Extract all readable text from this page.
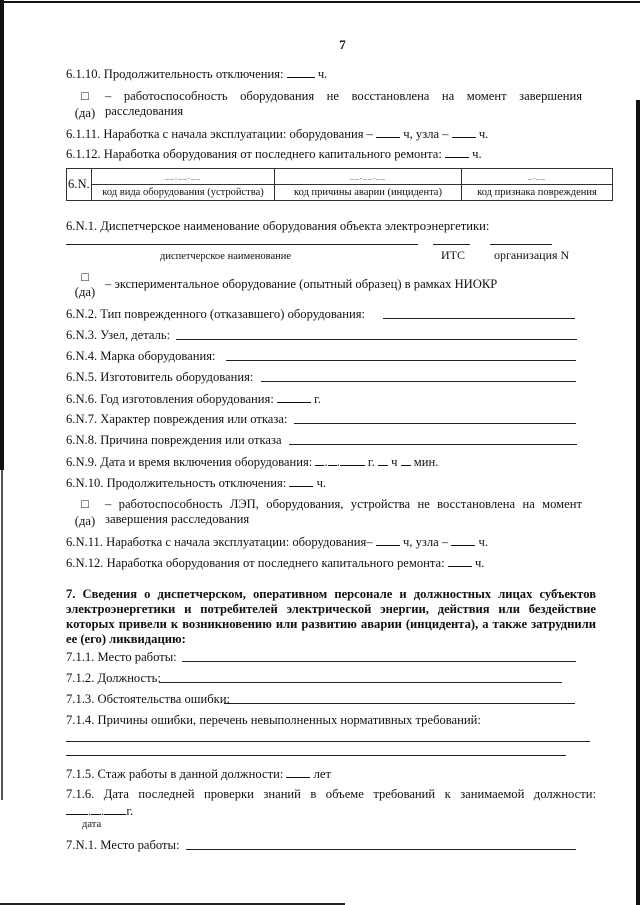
7
6.1.10. Продолжительность отключения:	ч.
□
(да)
– работоспособность оборудования не восстановлена на момент завершения
расследования
6.1.11. Наработка с начала эксплуатации: оборудования – ч, узла – ч.
6.1.12. Наработка оборудования от последнего капитального ремонта: ч.
6.N.	__.__.__	__.__.__	_.__
	код вида оборудования (устройства)	код причины аварии (инцидента)	код признака повреждения
6.N.1. Диспетчерское наименование оборудования объекта электроэнергетики:
диспетчерское наименование	ИТС организация N
□
(да)
– экспериментальное оборудование (опытный образец) в рамках НИОКР
6.N.2. Тип поврежденного (отказавшего) оборудования:
6.N.3. Узел, деталь:
6.N.4. Марка оборудования:
6.N.5. Изготовитель оборудования:
6.N.6. Год изготовления оборудования:	г.
6.N.7. Характер повреждения или отказа:
6.N.8. Причина повреждения или отказа
6.N.9. Дата и время включения оборудования: . . г. ч мин.
6.N.10. Продолжительность отключения: ч.
□
(да)
– работоспособность ЛЭП, оборудования, устройства не восстановлена на момент
завершения расследования
6.N.11. Наработка с начала эксплуатации: оборудования– ч, узла – ч.
6.N.12. Наработка оборудования от последнего капитального ремонта: ч.
7. Сведения о диспетчерском, оперативном персонале и должностных лицах субъектов электроэнергетики и потребителей электрической энергии, действия или бездействие которых привели к возникновению или развитию аварии (инцидента), а также затруднили ее (его) ликвидацию:
7.1.1. Место работы:
7.1.2. Должность:
7.1.3. Обстоятельства ошибки:
7.1.4. Причины ошибки, перечень невыполненных нормативных требований:
7.1.5. Стаж работы в данной должности: лет
7.1.6. Дата последней проверки знаний в объеме требований к занимаемой должности:
. . г.
дата
7.N.1. Место работы:
